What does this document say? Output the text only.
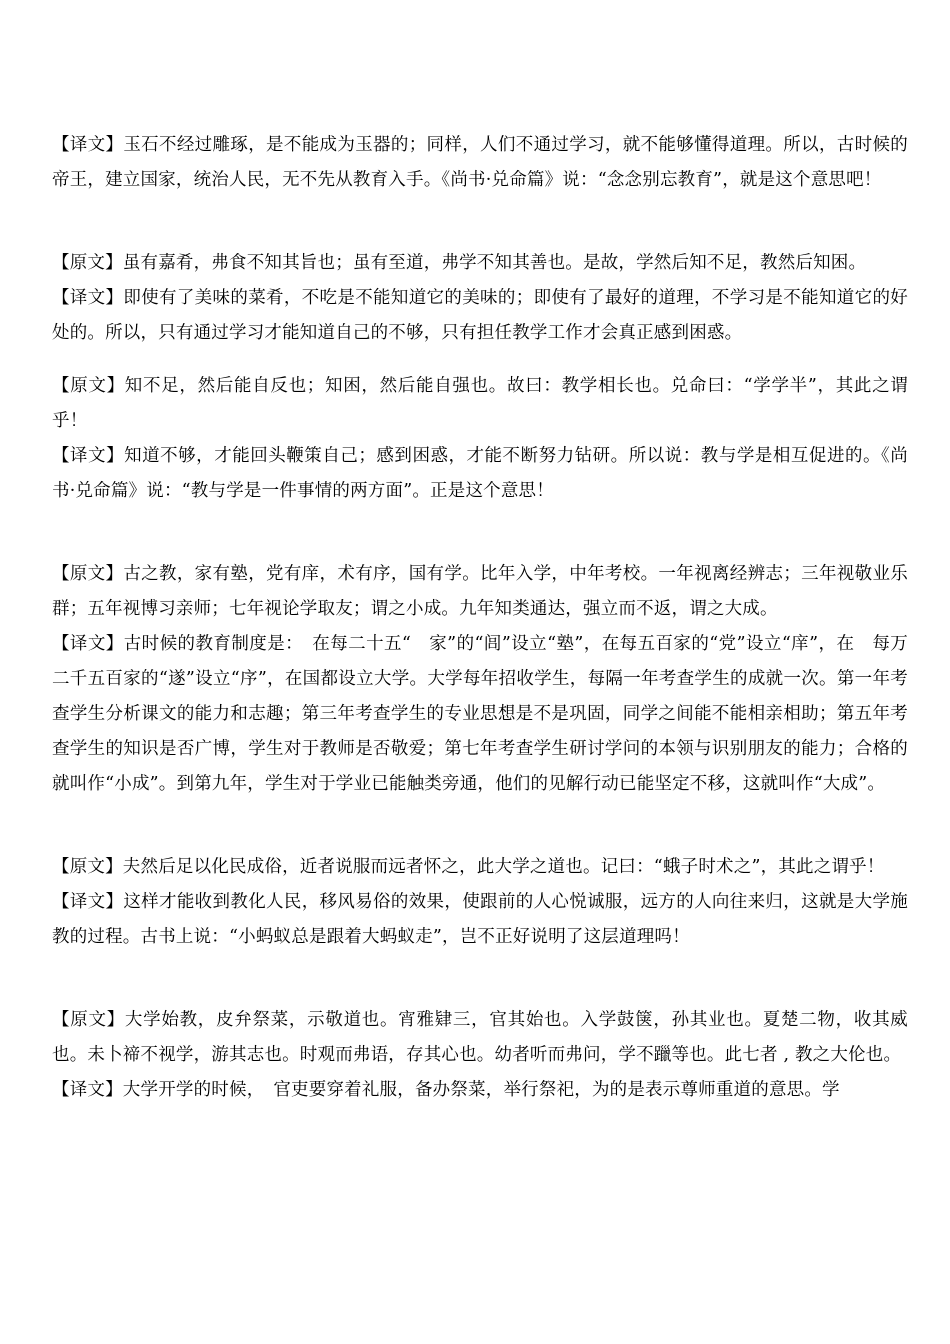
【译文】玉石不经过雕琢，是不能成为玉器的；同样，人们不通过学习，就不能够懂得道理。所以，古时候的帝王，建立国家，统治人民，无不先从教育入手。《尚书·兑命篇》说：“念念别忘教育”，就是这个意思吧！

【原文】虽有嘉肴，弗食不知其旨也；虽有至道，弗学不知其善也。是故，学然后知不足，教然后知困。

【译文】即使有了美味的菜肴，不吃是不能知道它的美味的；即使有了最好的道理，不学习是不能知道它的好处的。所以，只有通过学习才能知道自己的不够，只有担任教学工作才会真正感到困惑。

【原文】知不足，然后能自反也；知困，然后能自强也。故曰：教学相长也。兑命曰：“学学半”，其此之谓乎！

【译文】知道不够，才能回头鞭策自己；感到困惑，才能不断努力钻研。所以说：教与学是相互促进的。《尚书·兑命篇》说：“教与学是一件事情的两方面”。正是这个意思！

【原文】古之教，家有塾，党有庠，术有序，国有学。比年入学，中年考校。一年视离经辨志；三年视敬业乐群；五年视博习亲师；七年视论学取友；谓之小成。九年知类通达，强立而不返，谓之大成。

【译文】古时候的教育制度是：　在每二十五“　家”的“闾”设立“塾”，在每五百家的“党”设立“庠”，在　每万二千五百家的“遂”设立“序”，在国都设立大学。大学每年招收学生，每隔一年考查学生的成就一次。第一年考查学生分析课文的能力和志趣；第三年考查学生的专业思想是不是巩固，同学之间能不能相亲相助；第五年考查学生的知识是否广博，学生对于教师是否敬爱；第七年考查学生研讨学问的本领与识别朋友的能力；合格的就叫作“小成”。到第九年，学生对于学业已能触类旁通，他们的见解行动已能坚定不移，这就叫作“大成”。

【原文】夫然后足以化民成俗，近者说服而远者怀之，此大学之道也。记曰：“蛾子时术之”，其此之谓乎！

【译文】这样才能收到教化人民，移风易俗的效果，使跟前的人心悦诚服，远方的人向往来归，这就是大学施教的过程。古书上说：“小蚂蚁总是跟着大蚂蚁走”，岂不正好说明了这层道理吗！

【原文】大学始教，皮弁祭菜，示敬道也。宵雅肄三，官其始也。入学鼓箧，孙其业也。夏楚二物，收其威也。未卜禘不视学，游其志也。时观而弗语，存其心也。幼者听而弗问，学不躐等也。此七者 , 教之大伦也。

【译文】大学开学的时候，　官吏要穿着礼服，备办祭菜，举行祭祀，为的是表示尊师重道的意思。学
